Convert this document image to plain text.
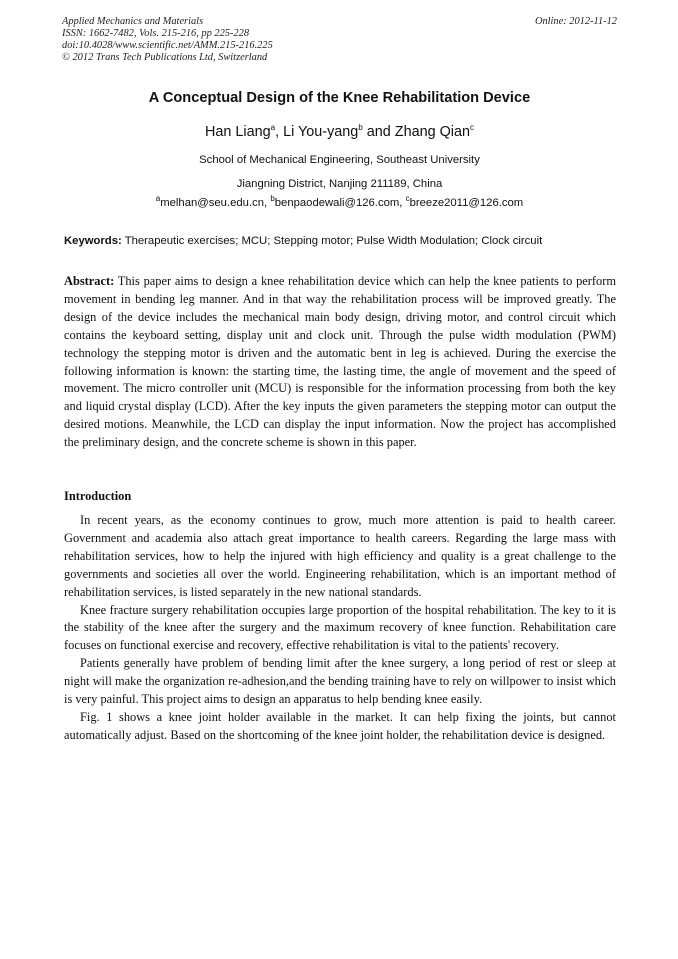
Applied Mechanics and Materials
ISSN: 1662-7482, Vols. 215-216, pp 225-228
doi:10.4028/www.scientific.net/AMM.215-216.225
© 2012 Trans Tech Publications Ltd, Switzerland
Online: 2012-11-12
A Conceptual Design of the Knee Rehabilitation Device
Han Liang$^a$, Li You-yang$^b$ and Zhang Qian$^c$
School of Mechanical Engineering, Southeast University
Jiangning District, Nanjing 211189, China
$^a$melhan@seu.edu.cn, $^b$benpaodewali@126.com, $^c$breeze2011@126.com
Keywords: Therapeutic exercises; MCU; Stepping motor; Pulse Width Modulation; Clock circuit
Abstract: This paper aims to design a knee rehabilitation device which can help the knee patients to perform movement in bending leg manner. And in that way the rehabilitation process will be improved greatly. The design of the device includes the mechanical main body design, driving motor, and control circuit which contains the keyboard setting, display unit and clock unit. Through the pulse width modulation (PWM) technology the stepping motor is driven and the automatic bent in leg is achieved. During the exercise the following information is known: the starting time, the lasting time, the angle of movement and the speed of movement. The micro controller unit (MCU) is responsible for the information processing from both the key and liquid crystal display (LCD). After the key inputs the given parameters the stepping motor can output the desired motions. Meanwhile, the LCD can display the input information. Now the project has accomplished the preliminary design, and the concrete scheme is shown in this paper.
Introduction

In recent years, as the economy continues to grow, much more attention is paid to health career. Government and academia also attach great importance to health careers. Regarding the large mass with rehabilitation services, how to help the injured with high efficiency and quality is a great challenge to the governments and societies all over the world. Engineering rehabilitation, which is an important method of rehabilitation services, is listed separately in the new national standards.

Knee fracture surgery rehabilitation occupies large proportion of the hospital rehabilitation. The key to it is the stability of the knee after the surgery and the maximum recovery of knee function. Rehabilitation care focuses on functional exercise and recovery, effective rehabilitation is vital to the patients' recovery.

Patients generally have problem of bending limit after the knee surgery, a long period of rest or sleep at night will make the organization re-adhesion,and the bending training have to rely on willpower to insist which is very painful. This project aims to design an apparatus to help bending knee easily.

Fig. 1 shows a knee joint holder available in the market. It can help fixing the joints, but cannot automatically adjust. Based on the shortcoming of the knee joint holder, the rehabilitation device is designed.
